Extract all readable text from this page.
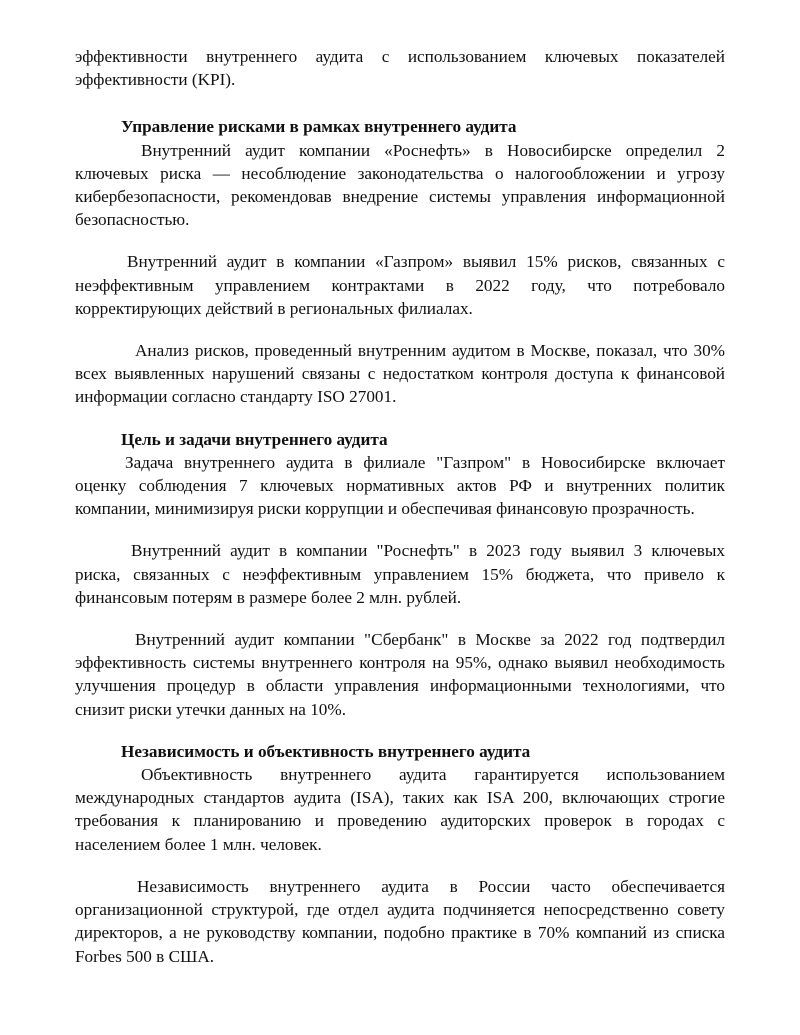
эффективности внутреннего аудита с использованием ключевых показателей эффективности (KPI).

Управление рисками в рамках внутреннего аудита

Внутренний аудит компании «Роснефть» в Новосибирске определил 2 ключевых риска — несоблюдение законодательства о налогообложении и угрозу кибербезопасности, рекомендовав внедрение системы управления информационной безопасностью.

Внутренний аудит в компании «Газпром» выявил 15% рисков, связанных с неэффективным управлением контрактами в 2022 году, что потребовало корректирующих действий в региональных филиалах.

Анализ рисков, проведенный внутренним аудитом в Москве, показал, что 30% всех выявленных нарушений связаны с недостатком контроля доступа к финансовой информации согласно стандарту ISO 27001.

Цель и задачи внутреннего аудита

Задача внутреннего аудита в филиале "Газпром" в Новосибирске включает оценку соблюдения 7 ключевых нормативных актов РФ и внутренних политик компании, минимизируя риски коррупции и обеспечивая финансовую прозрачность.

Внутренний аудит в компании "Роснефть" в 2023 году выявил 3 ключевых риска, связанных с неэффективным управлением 15% бюджета, что привело к финансовым потерям в размере более 2 млн. рублей.

Внутренний аудит компании "Сбербанк" в Москве за 2022 год подтвердил эффективность системы внутреннего контроля на 95%, однако выявил необходимость улучшения процедур в области управления информационными технологиями, что снизит риски утечки данных на 10%.

Независимость и объективность внутреннего аудита

Объективность внутреннего аудита гарантируется использованием международных стандартов аудита (ISA), таких как ISA 200, включающих строгие требования к планированию и проведению аудиторских проверок в городах с населением более 1 млн. человек.

Независимость внутреннего аудита в России часто обеспечивается организационной структурой, где отдел аудита подчиняется непосредственно совету директоров, а не руководству компании, подобно практике в 70% компаний из списка Forbes 500 в США.
